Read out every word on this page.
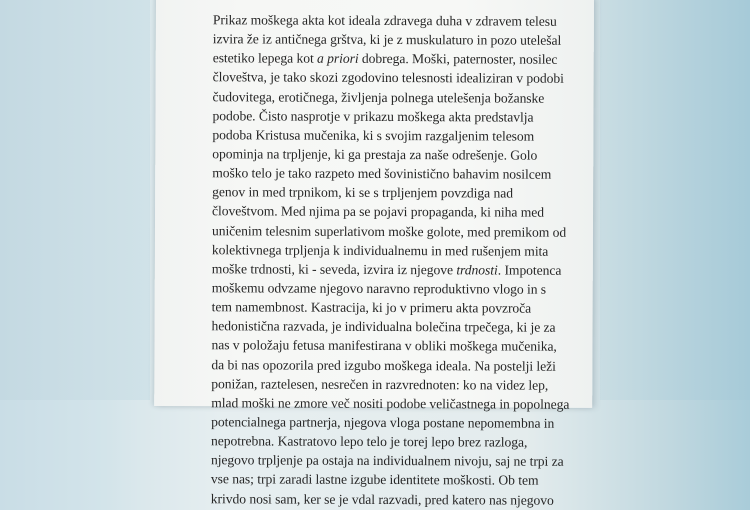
Prikaz moškega akta kot ideala zdravega duha v zdravem telesu
izvira že iz antičnega grštva, ki je z muskulaturo in pozo utelešal
estetiko lepega kot a priori dobrega. Moški, paternoster, nosilec
človeštva, je tako skozi zgodovino telesnosti idealiziran v podobi
čudovitega, erotičnega, življenja polnega utelešenja božanske
podobe. Čisto nasprotje v prikazu moškega akta predstavlja
podoba Kristusa mučenika, ki s svojim razgaljenim telesom
opominja na trpljenje, ki ga prestaja za naše odrešenje. Golo
moško telo je tako razpeto med šovinistično bahavim nosilcem
genov in med trpnikom, ki se s trpljenjem povzdiga nad
človeštvom. Med njima pa se pojavi propaganda, ki niha med
uničenim telesnim superlativom moške golote, med premikom od
kolektivnega trpljenja k individualnemu in med rušenjem mita
moške trdnosti, ki - seveda, izvira iz njegove trdnosti. Impotenca
moškemu odvzame njegovo naravno reproduktivno vlogo in s
tem namembnost. Kastracija, ki jo v primeru akta povzroča
hedonistična razvada, je individualna bolečina trpečega, ki je za
nas v položaju fetusa manifestirana v obliki moškega mučenika,
da bi nas opozorila pred izgubo moškega ideala. Na postelji leži
ponižan, raztelesen, nesrečen in razvrednoten: ko na videz lep,
mlad moški ne zmore več nositi podobe veličastnega in popolnega
potencialnega partnerja, njegova vloga postane nepomembna in
nepotrebna. Kastratovo lepo telo je torej lepo brez razloga,
njegovo trpljenje pa ostaja na individualnem nivoju, saj ne trpi za
vse nas; trpi zaradi lastne izgube identitete moškosti. Ob tem
krivdo nosi sam, ker se je vdal razvadi, pred katero nas njegovo
